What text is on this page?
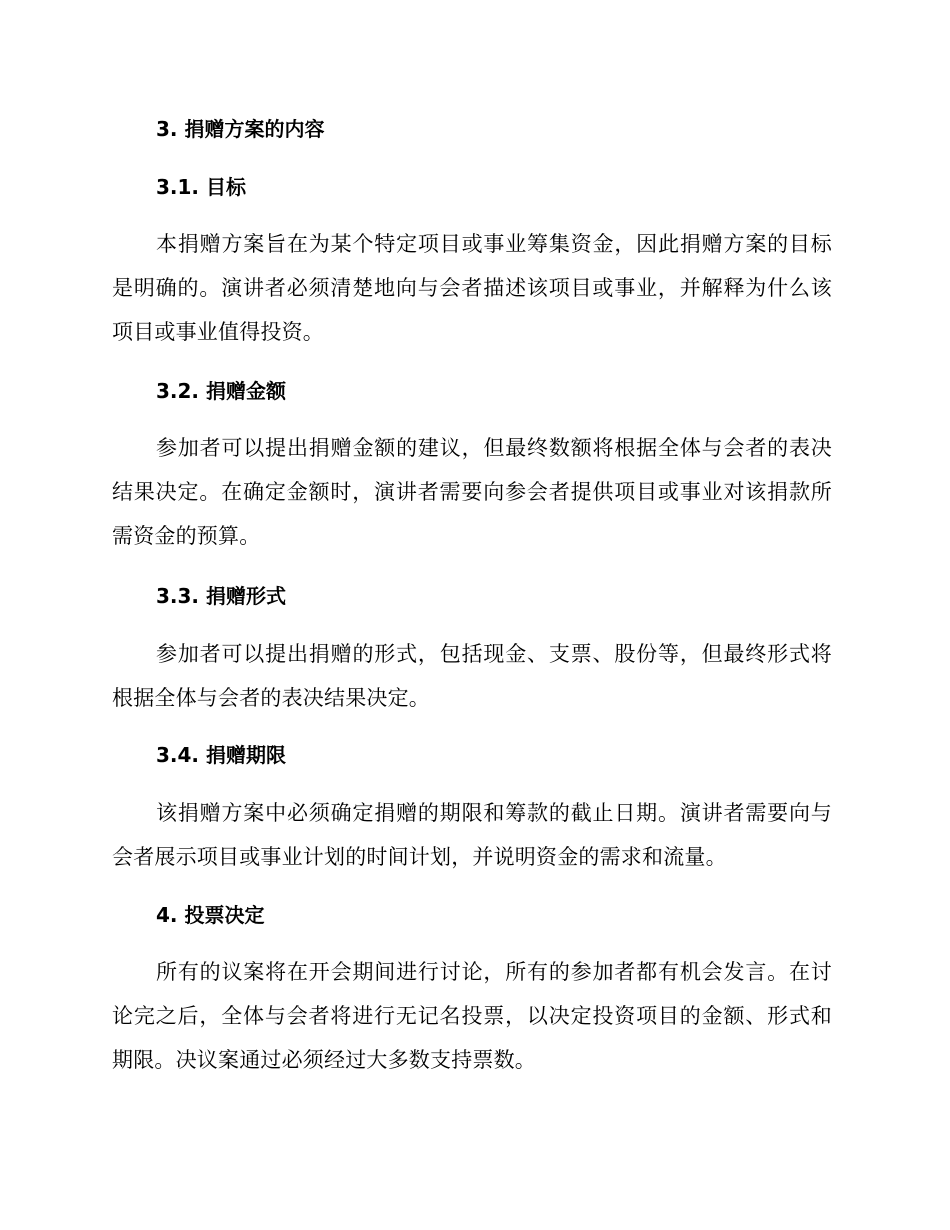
3. 捐赠方案的内容
3.1. 目标

本捐赠方案旨在为某个特定项目或事业筹集资金，因此捐赠方案的目标是明确的。演讲者必须清楚地向与会者描述该项目或事业，并解释为什么该项目或事业值得投资。

3.2. 捐赠金额

参加者可以提出捐赠金额的建议，但最终数额将根据全体与会者的表决结果决定。在确定金额时，演讲者需要向参会者提供项目或事业对该捐款所需资金的预算。

3.3. 捐赠形式

参加者可以提出捐赠的形式，包括现金、支票、股份等，但最终形式将根据全体与会者的表决结果决定。

3.4. 捐赠期限

该捐赠方案中必须确定捐赠的期限和筹款的截止日期。演讲者需要向与会者展示项目或事业计划的时间计划，并说明资金的需求和流量。

4. 投票决定

所有的议案将在开会期间进行讨论，所有的参加者都有机会发言。在讨论完之后，全体与会者将进行无记名投票，以决定投资项目的金额、形式和期限。决议案通过必须经过大多数支持票数。
